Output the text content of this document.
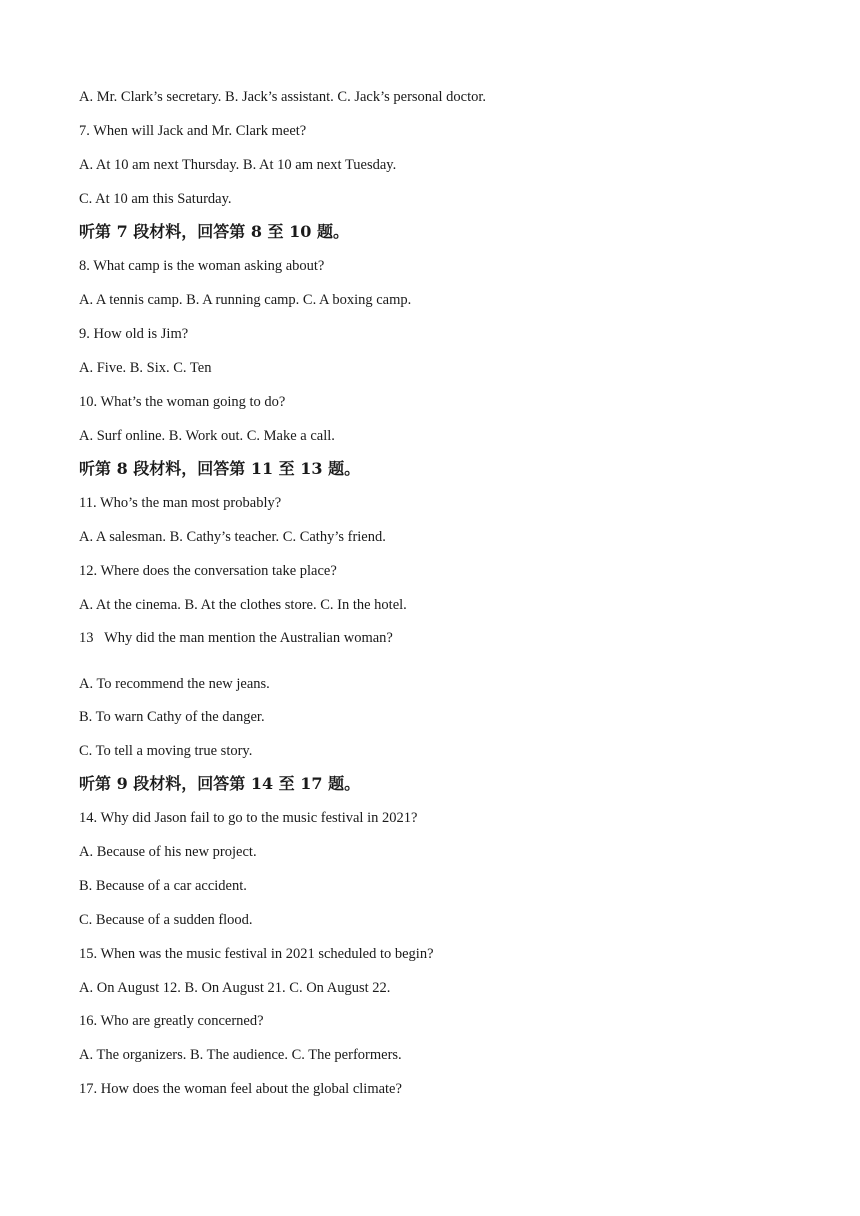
A. Mr. Clark’s secretary. B. Jack’s assistant. C. Jack’s personal doctor.
7. When will Jack and Mr. Clark meet?
A. At 10 am next Thursday. B. At 10 am next Tuesday.
C. At 10 am this Saturday.
听第 7 段材料，回答第 8 至 10 题。
8. What camp is the woman asking about?
A. A tennis camp. B. A running camp. C. A boxing camp.
9. How old is Jim?
A. Five. B. Six. C. Ten
10. What’s the woman going to do?
A. Surf online. B. Work out. C. Make a call.
听第 8 段材料，回答第 11 至 13 题。
11. Who’s the man most probably?
A. A salesman. B. Cathy’s teacher. C. Cathy’s friend.
12. Where does the conversation take place?
A. At the cinema. B. At the clothes store. C. In the hotel.
13   Why did the man mention the Australian woman?
A. To recommend the new jeans.
B. To warn Cathy of the danger.
C. To tell a moving true story.
听第 9 段材料，回答第 14 至 17 题。
14. Why did Jason fail to go to the music festival in 2021?
A. Because of his new project.
B. Because of a car accident.
C. Because of a sudden flood.
15. When was the music festival in 2021 scheduled to begin?
A. On August 12. B. On August 21. C. On August 22.
16. Who are greatly concerned?
A. The organizers. B. The audience. C. The performers.
17. How does the woman feel about the global climate?
